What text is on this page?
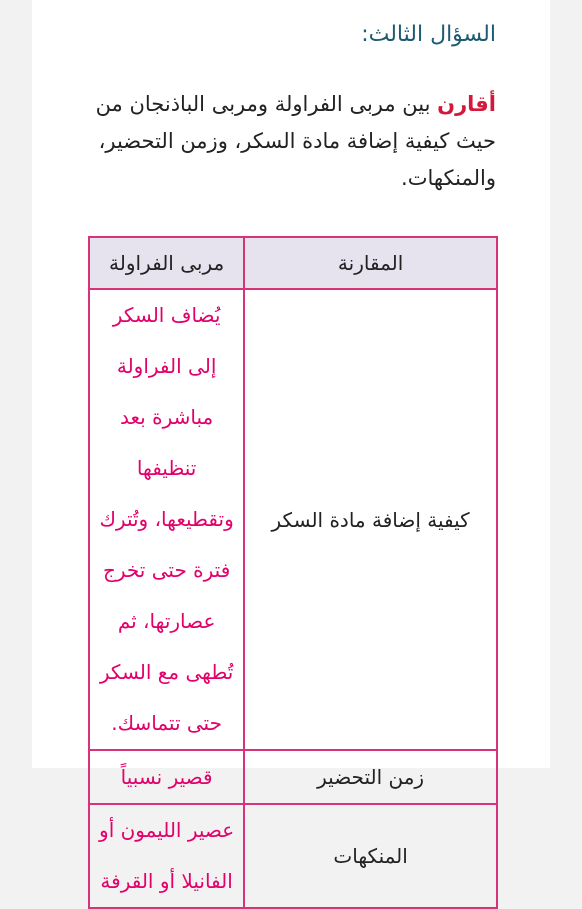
السؤال الثالث:

أقارن بين مربى الفراولة ومربى الباذنجان من حيث كيفية إضافة مادة السكر، وزمن التحضير، والمنكهات.

المقارنة	مربى الفراولة
كيفية إضافة مادة السكر	يُضاف السكر إلى الفراولة مباشرة بعد تنظيفها وتقطيعها، وتُترك فترة حتى تخرج عصارتها، ثم تُطهى مع السكر حتى تتماسك.

زمن التحضير	قصير نسبياً

المنكهات	عصير الليمون أو الفانيلا أو القرفة
